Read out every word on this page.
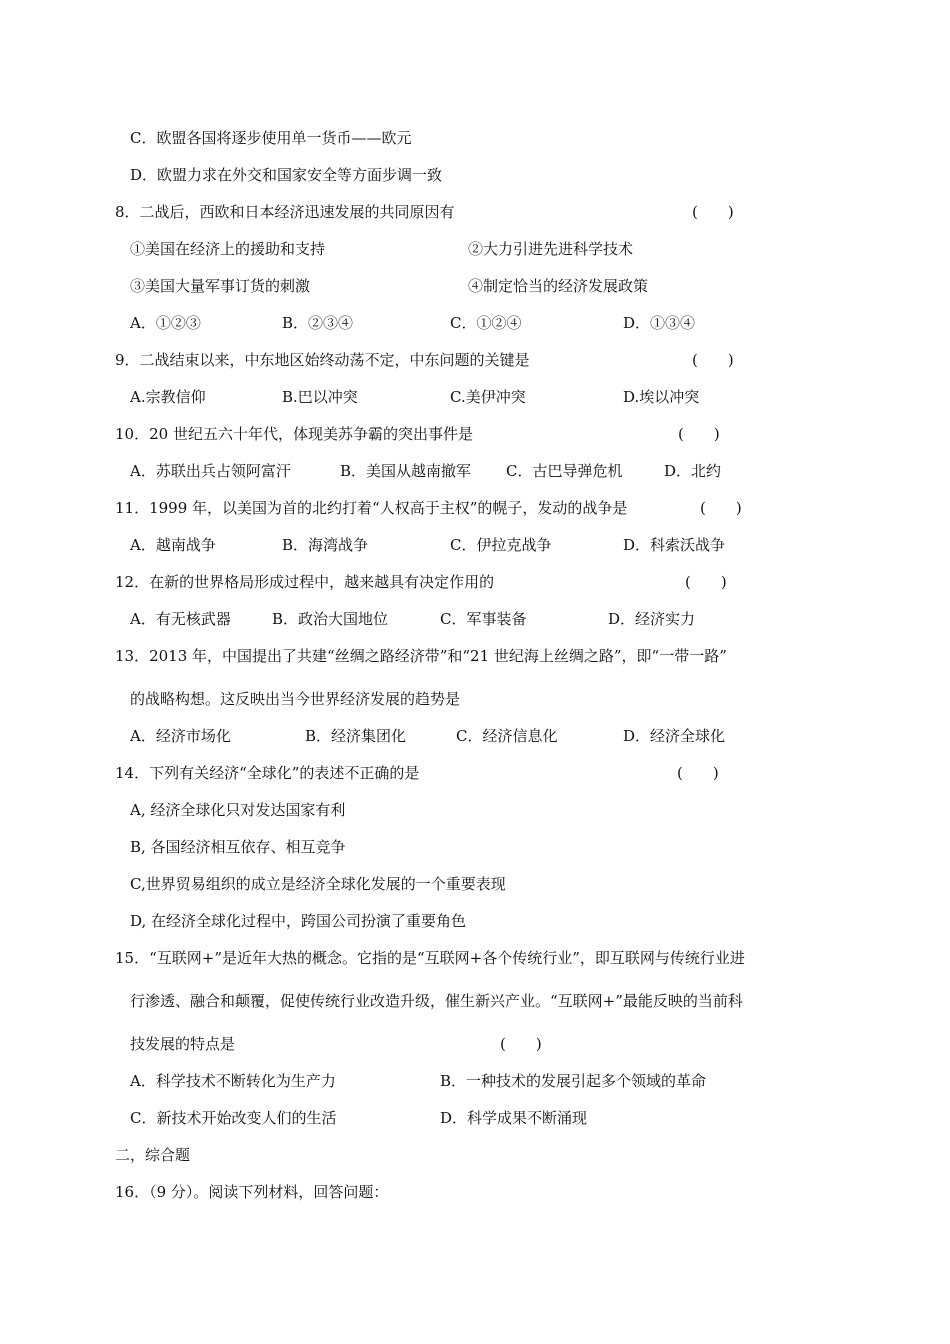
C．欧盟各国将逐步使用单一货币——欧元
D．欧盟力求在外交和国家安全等方面步调一致
8．二战后，西欧和日本经济迅速发展的共同原因有	(　　)
①美国在经济上的援助和支持	②大力引进先进科学技术
③美国大量军事订货的刺激	④制定恰当的经济发展政策
A．①②③	B．②③④	C．①②④	D．①③④
9．二战结束以来，中东地区始终动荡不定，中东问题的关键是	(　　)
A.宗教信仰	B.巴以冲突	C.美伊冲突	D.埃以冲突
10．20 世纪五六十年代，体现美苏争霸的突出事件是	(　　)
A．苏联出兵占领阿富汗	B．美国从越南撤军 C．古巴导弹危机	D．北约
11．1999 年，以美国为首的北约打着“人权高于主权”的幌子，发动的战争是	(　　)
A．越南战争	B．海湾战争	C．伊拉克战争	D．科索沃战争
12．在新的世界格局形成过程中，越来越具有决定作用的	(　　)
A．有无核武器	B．政治大国地位	C．军事装备	D．经济实力
13．2013 年，中国提出了共建“丝绸之路经济带”和“21 世纪海上丝绸之路”，即“一带一路”
的战略构想。这反映出当今世界经济发展的趋势是
A．经济市场化	B．经济集团化	C．经济信息化	D．经济全球化
14．下列有关经济“全球化”的表述不正确的是	(　　)
A, 经济全球化只对发达国家有利
B, 各国经济相互依存、相互竞争
C,世界贸易组织的成立是经济全球化发展的一个重要表现
D, 在经济全球化过程中，跨国公司扮演了重要角色
15．“互联网+”是近年大热的概念。它指的是“互联网+各个传统行业”，即互联网与传统行业进
行渗透、融合和颠覆，促使传统行业改造升级，催生新兴产业。“互联网+”最能反映的当前科
技发展的特点是	(　　)
A．科学技术不断转化为生产力	B．一种技术的发展引起多个领域的革命
C．新技术开始改变人们的生活	D．科学成果不断涌现
二，综合题
16．（9 分）。阅读下列材料，回答问题：
